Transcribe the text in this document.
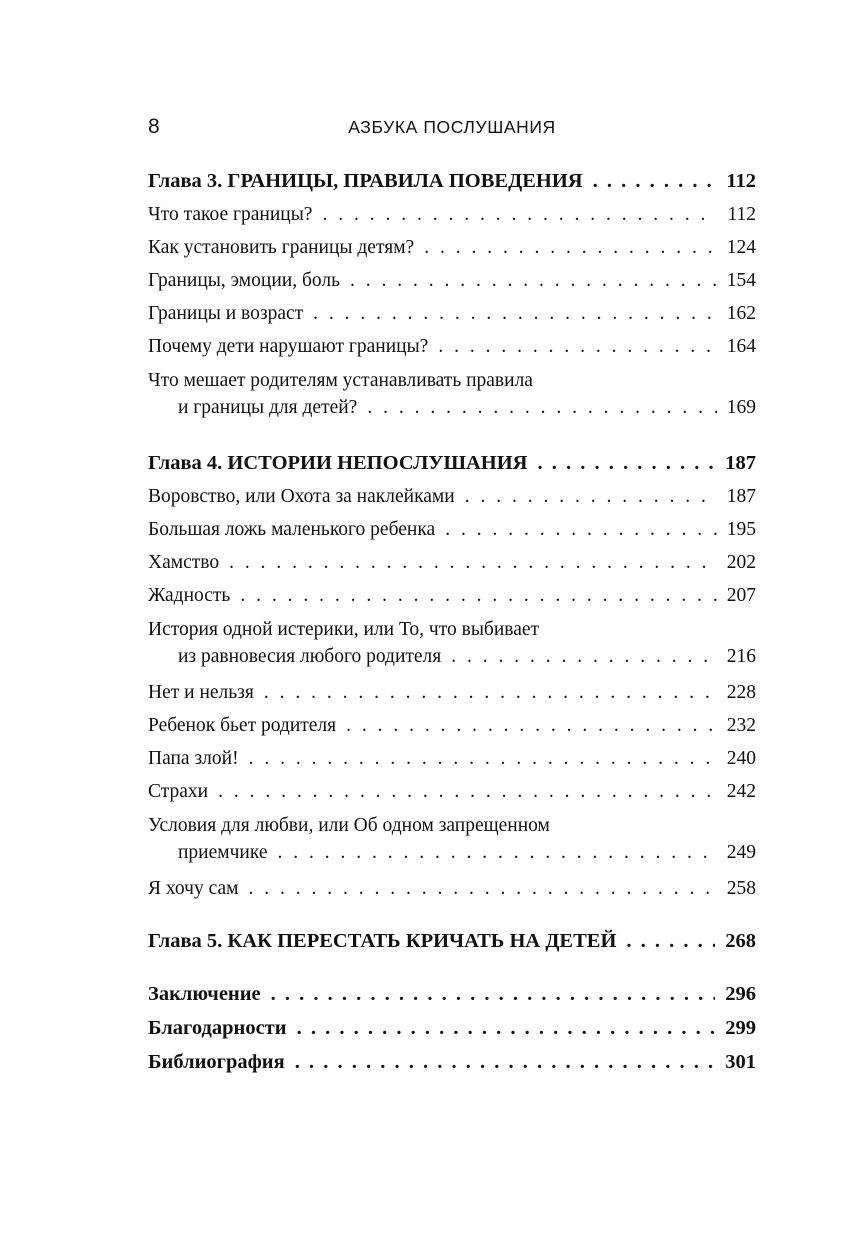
8	АЗБУКА ПОСЛУШАНИЯ
Глава 3. ГРАНИЦЫ, ПРАВИЛА ПОВЕДЕНИЯ . . .	112
Что такое границы? . . .	112
Как установить границы детям? . . .	124
Границы, эмоции, боль . . .	154
Границы и возраст . . .	162
Почему дети нарушают границы? . . .	164
Что мешает родителям устанавливать правила
и границы для детей? . . .	169
Глава 4. ИСТОРИИ НЕПОСЛУШАНИЯ . . .	187
Воровство, или Охота за наклейками . . .	187
Большая ложь маленького ребенка . . .	195
Хамство . . .	202
Жадность . . .	207
История одной истерики, или То, что выбивает
из равновесия любого родителя . . .	216
Нет и нельзя . . .	228
Ребенок бьет родителя . . .	232
Папа злой! . . .	240
Страхи . . .	242
Условия для любви, или Об одном запрещенном
приемчике . . .	249
Я хочу сам . . .	258
Глава 5. КАК ПЕРЕСТАТЬ КРИЧАТЬ НА ДЕТЕЙ . . .	268
Заключение . . .	296
Благодарности . . .	299
Библиография . . .	301
